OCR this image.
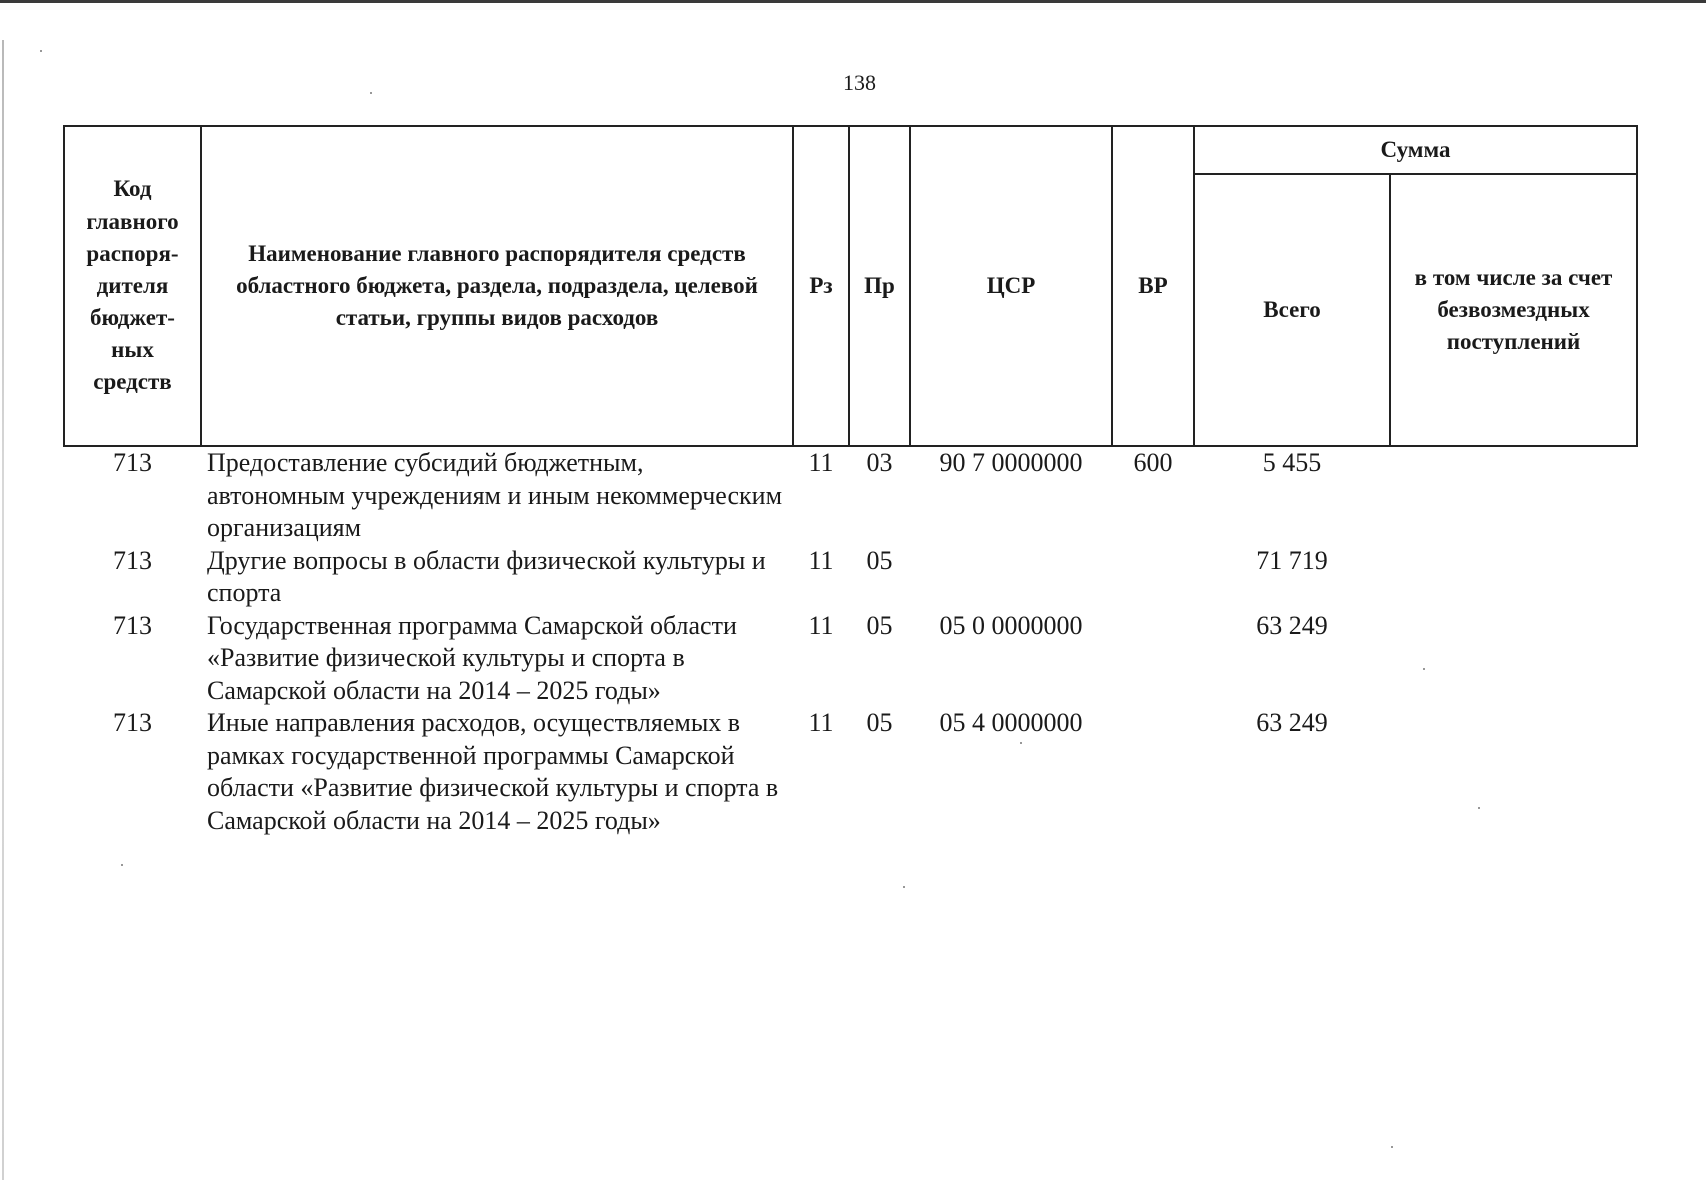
138
Код главного распоря-дителя бюджет-ных средств	Наименование главного распорядителя средств областного бюджета, раздела, подраздела, целевой статьи, группы видов расходов	Рз	Пр	ЦСР	ВР	Сумма	
						Всего	в том числе за счет безвозмездных поступлений
713	Предоставление субсидий бюджетным, автономным учреждениям и иным некоммерческим организациям	11	03	90 7 0000000	600	5 455	
713	Другие вопросы в области физической культуры и спорта	11	05			71 719	
713	Государственная программа Самарской области «Развитие физической культуры и спорта в Самарской области на 2014 – 2025 годы»	11	05	05 0 0000000		63 249	
713	Иные направления расходов, осуществляемых в рамках государственной программы Самарской области «Развитие физической культуры и спорта в Самарской области на 2014 – 2025 годы»	11	05	05 4 0000000		63 249	
